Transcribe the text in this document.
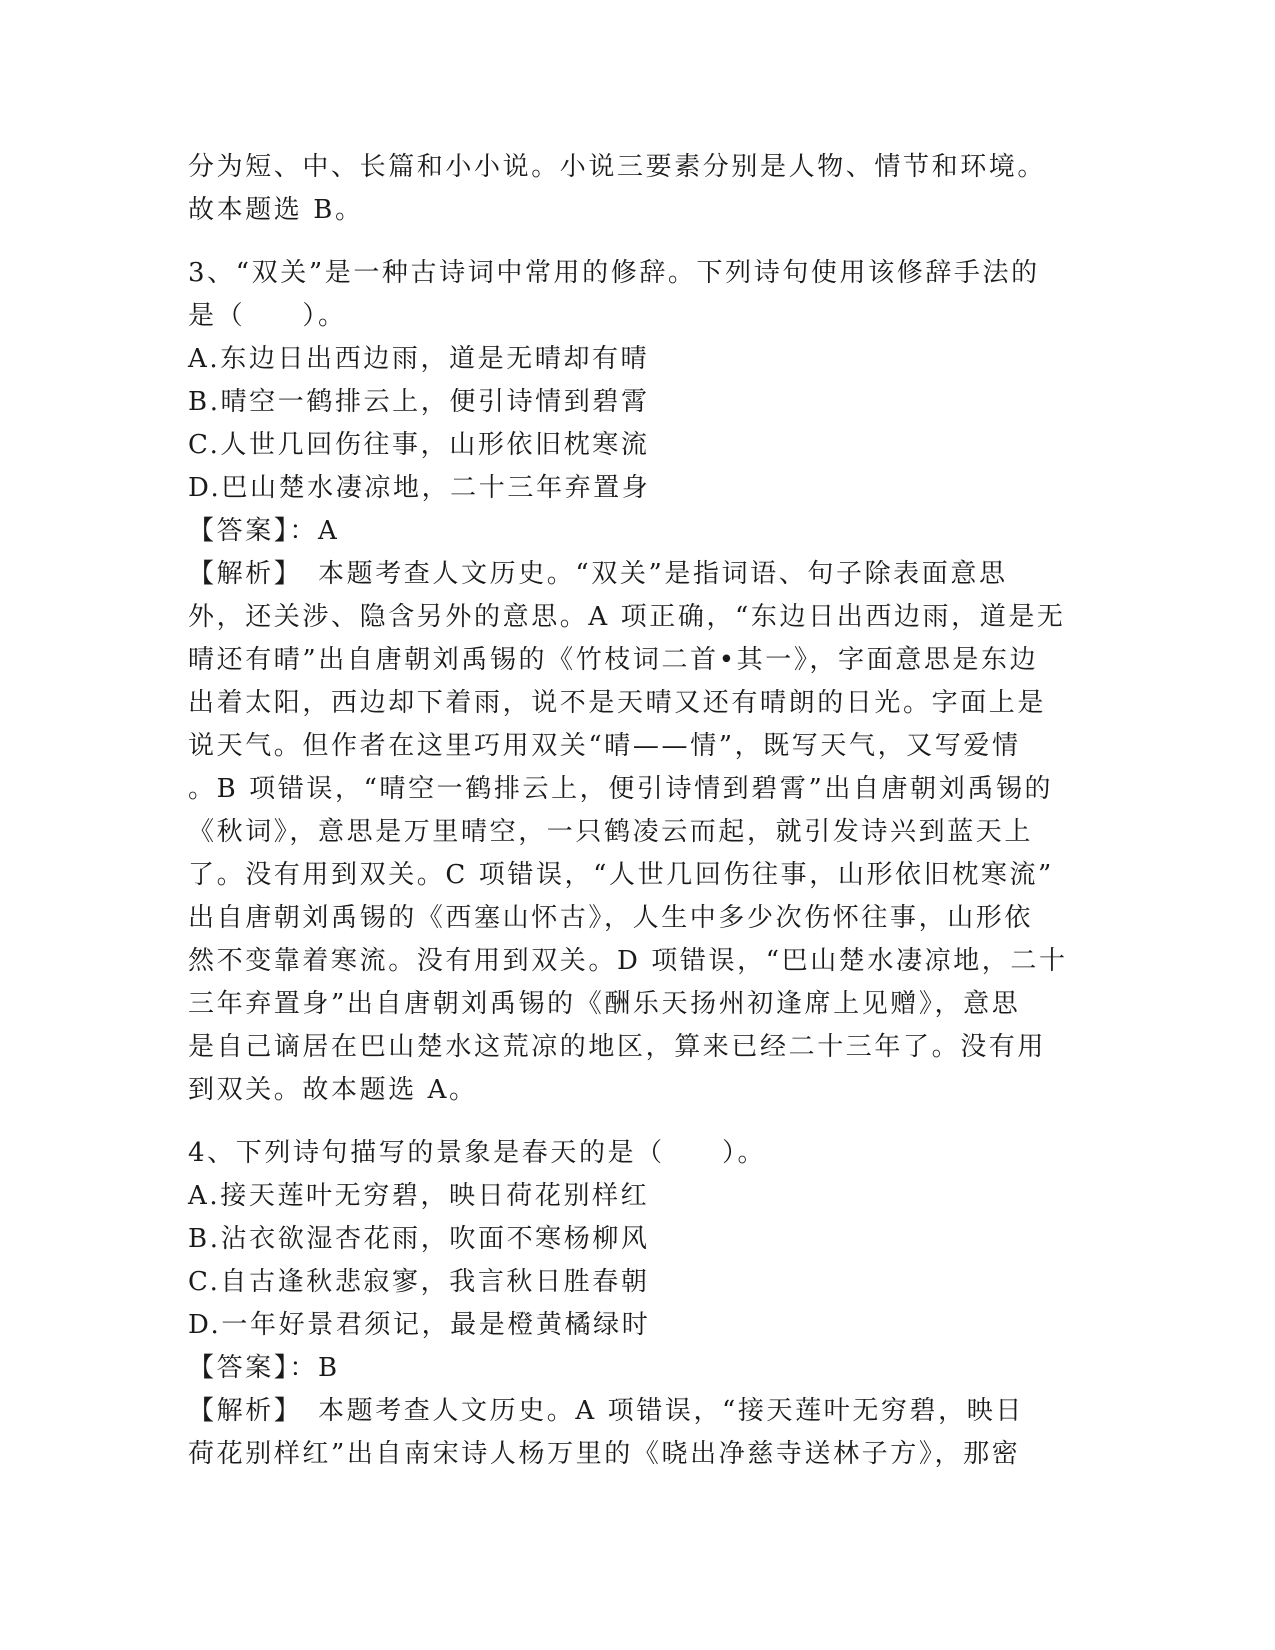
分为短、中、长篇和小小说。小说三要素分别是人物、情节和环境。
故本题选 B。
3、“双关”是一种古诗词中常用的修辞。下列诗句使用该修辞手法的
是（　　）。
A.东边日出西边雨，道是无晴却有晴
B.晴空一鹤排云上，便引诗情到碧霄
C.人世几回伤往事，山形依旧枕寒流
D.巴山楚水凄凉地，二十三年弃置身
【答案】：A
【解析】　本题考查人文历史。“双关”是指词语、句子除表面意思
外，还关涉、隐含另外的意思。A 项正确，“东边日出西边雨，道是无
晴还有晴”出自唐朝刘禹锡的《竹枝词二首•其一》，字面意思是东边
出着太阳，西边却下着雨，说不是天晴又还有晴朗的日光。字面上是
说天气。但作者在这里巧用双关“晴——情”，既写天气，又写爱情
。B 项错误，“晴空一鹤排云上，便引诗情到碧霄”出自唐朝刘禹锡的
《秋词》，意思是万里晴空，一只鹤凌云而起，就引发诗兴到蓝天上
了。没有用到双关。C 项错误，“人世几回伤往事，山形依旧枕寒流”
出自唐朝刘禹锡的《西塞山怀古》，人生中多少次伤怀往事，山形依
然不变靠着寒流。没有用到双关。D 项错误，“巴山楚水凄凉地，二十
三年弃置身”出自唐朝刘禹锡的《酬乐天扬州初逢席上见赠》，意思
是自己谪居在巴山楚水这荒凉的地区，算来已经二十三年了。没有用
到双关。故本题选 A。
4、下列诗句描写的景象是春天的是（　　）。
A.接天莲叶无穷碧，映日荷花别样红
B.沾衣欲湿杏花雨，吹面不寒杨柳风
C.自古逢秋悲寂寥，我言秋日胜春朝
D.一年好景君须记，最是橙黄橘绿时
【答案】：B
【解析】　本题考查人文历史。A 项错误，“接天莲叶无穷碧，映日
荷花别样红”出自南宋诗人杨万里的《晓出净慈寺送林子方》，那密
